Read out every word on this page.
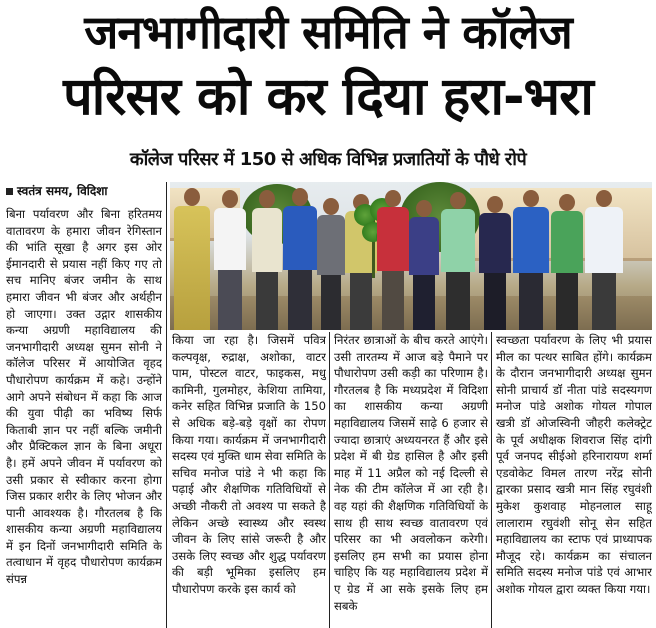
जनभागीदारी समिति ने कॉलेज
परिसर को कर दिया हरा-भरा
कॉलेज परिसर में 150 से अधिक विभिन्न प्रजातियों के पौधे रोपे
स्वतंत्र समय, विदिशा

बिना पर्यावरण और बिना हरितमय वातावरण के हमारा जीवन रेगिस्तान की भांति सूखा है अगर इस ओर ईमानदारी से प्रयास नहीं किए गए तो सच मानिए बंजर जमीन के साथ हमारा जीवन भी बंजर और अर्थहीन हो जाएगा। उक्त उद्गार शासकीय कन्या अग्रणी महाविद्यालय की जनभागीदारी अध्यक्ष सुमन सोनी ने कॉलेज परिसर में आयोजित वृहद पौधारोपण कार्यक्रम में कहे। उन्होंने आगे अपने संबोधन में कहा कि आज की युवा पीढ़ी का भविष्य सिर्फ किताबी ज्ञान पर नहीं बल्कि जमीनी और प्रैक्टिकल ज्ञान के बिना अधूरा है। हमें अपने जीवन में पर्यावरण को उसी प्रकार से स्वीकार करना होगा जिस प्रकार शरीर के लिए भोजन और पानी आवश्यक है। गौरतलब है कि शासकीय कन्या अग्रणी महाविद्यालय में इन दिनों जनभागीदारी समिति के तत्वाधान में वृहद पौधारोपण कार्यक्रम संपन्न

किया जा रहा है। जिसमें पवित्र कल्पवृक्ष, रुद्राक्ष, अशोका, वाटर पाम, पोस्टल वाटर, फाइकस, मधु कामिनी, गुलमोहर, केशिया तामिया, कनेर सहित विभिन्न प्रजाति के 150 से अधिक बड़े-बड़े वृक्षों का रोपण किया गया। कार्यक्रम में जनभागीदारी सदस्य एवं मुक्ति धाम सेवा समिति के सचिव मनोज पांडे ने भी कहा कि पढ़ाई और शैक्षणिक गतिविधियों से अच्छी नौकरी तो अवश्य पा सकते है लेकिन अच्छे स्वास्थ्य और स्वस्थ जीवन के लिए सांसे जरूरी है और उसके लिए स्वच्छ और शुद्ध पर्यावरण की बड़ी भूमिका इसलिए हम पौधारोपण करके इस कार्य को

निरंतर छात्राओं के बीच करते आएंगे। उसी तारतम्य में आज बड़े पैमाने पर पौधारोपण उसी कड़ी का परिणाम है। गौरतलब है कि मध्यप्रदेश में विदिशा का शासकीय कन्या अग्रणी महाविद्यालय जिसमें साढ़े 6 हजार से ज्यादा छात्राएं अध्ययनरत हैं और इसे प्रदेश में बी ग्रेड हासिल है और इसी माह में 11 अप्रैल को नई दिल्ली से नेक की टीम कॉलेज में आ रही है। वह यहां की शैक्षणिक गतिविधियों के साथ ही साथ स्वच्छ वातावरण एवं परिसर का भी अवलोकन करेगी। इसलिए हम सभी का प्रयास होना चाहिए कि यह महाविद्यालय प्रदेश में ए ग्रेड में आ सके इसके लिए हम सबके

स्वच्छता पर्यावरण के लिए भी प्रयास मील का पत्थर साबित होंगे। कार्यक्रम के दौरान जनभागीदारी अध्यक्ष सुमन सोनी प्राचार्य डॉ नीता पांडे सदस्यगण मनोज पांडे अशोक गोयल गोपाल खत्री डॉ ओजस्विनी जौहरी कलेक्ट्रेट के पूर्व अधीक्षक शिवराज सिंह दांगी पूर्व जनपद सीईओ हरिनारायण शर्मा एडवोकेट विमल तारण नरेंद्र सोनी द्वारका प्रसाद खत्री मान सिंह रघुवंशी मुकेश कुशवाह मोहनलाल साहू लालाराम रघुवंशी सोनू सेन सहित महाविद्यालय का स्टाफ एवं प्राध्यापक मौजूद रहे। कार्यक्रम का संचालन समिति सदस्य मनोज पांडे एवं आभार अशोक गोयल द्वारा व्यक्त किया गया।
